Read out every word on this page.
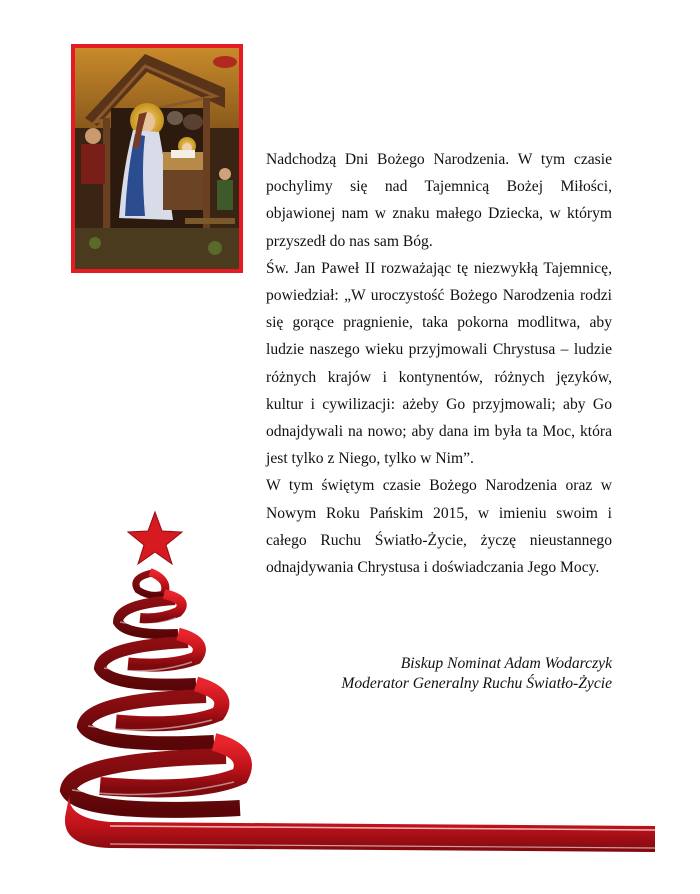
Nadchodzą Dni Bożego Narodzenia. W tym czasie pochylimy się nad Tajemnicą Bożej Miłości, objawionej nam w znaku małego Dziecka, w którym przyszedł do nas sam Bóg.

Św. Jan Paweł II rozważając tę niezwykłą Tajemnicę, powiedział: „W uroczystość Bożego Narodzenia rodzi się gorące pragnienie, taka pokorna modlitwa, aby ludzie naszego wieku przyjmowali Chrystusa – ludzie różnych krajów i kontynentów, różnych języków, kultur i cywilizacji: ażeby Go przyjmowali; aby Go odnajdywali na nowo; aby dana im była ta Moc, która jest tylko z Niego, tylko w Nim”.

W tym świętym czasie Bożego Narodzenia oraz w Nowym Roku Pańskim 2015, w imieniu swoim i całego Ruchu Światło-Życie, życzę nieustannego odnajdywania Chrystusa i doświadczania Jego Mocy.

Biskup Nominat Adam Wodarczyk
Moderator Generalny Ruchu Światło-Życie
